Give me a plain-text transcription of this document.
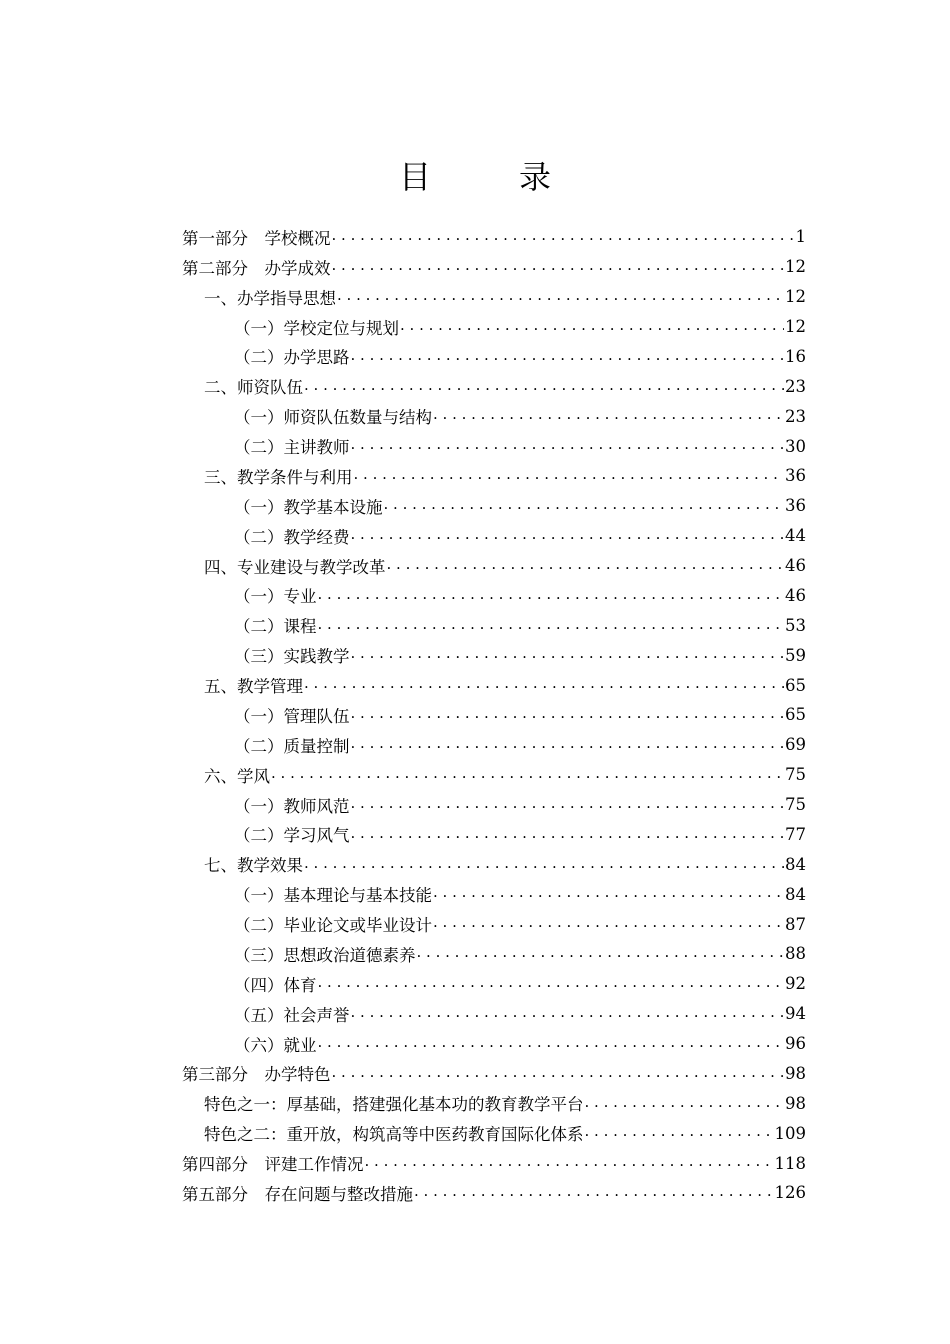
目　录
第一部分　学校概况 . . .	1
第二部分　办学成效 . . .	12
一、办学指导思想 . . .	12
（一）学校定位与规划 . . .	12
（二）办学思路 . . .	16
二、师资队伍 . . .	23
（一）师资队伍数量与结构 . . .	23
（二）主讲教师 . . .	30
三、教学条件与利用 . . .	36
（一）教学基本设施 . . .	36
（二）教学经费 . . .	44
四、专业建设与教学改革 . . .	46
（一）专业 . . .	46
（二）课程 . . .	53
（三）实践教学 . . .	59
五、教学管理 . . .	65
（一）管理队伍 . . .	65
（二）质量控制 . . .	69
六、学风 . . .	75
（一）教师风范 . . .	75
（二）学习风气 . . .	77
七、教学效果 . . .	84
（一）基本理论与基本技能 . . .	84
（二）毕业论文或毕业设计 . . .	87
（三）思想政治道德素养 . . .	88
（四）体育 . . .	92
（五）社会声誉 . . .	94
（六）就业 . . .	96
第三部分　办学特色 . . .	98
特色之一：厚基础，搭建强化基本功的教育教学平台 . . .	98
特色之二：重开放，构筑高等中医药教育国际化体系 . . .	109
第四部分　评建工作情况 . . .	118
第五部分　存在问题与整改措施 . . .	126
